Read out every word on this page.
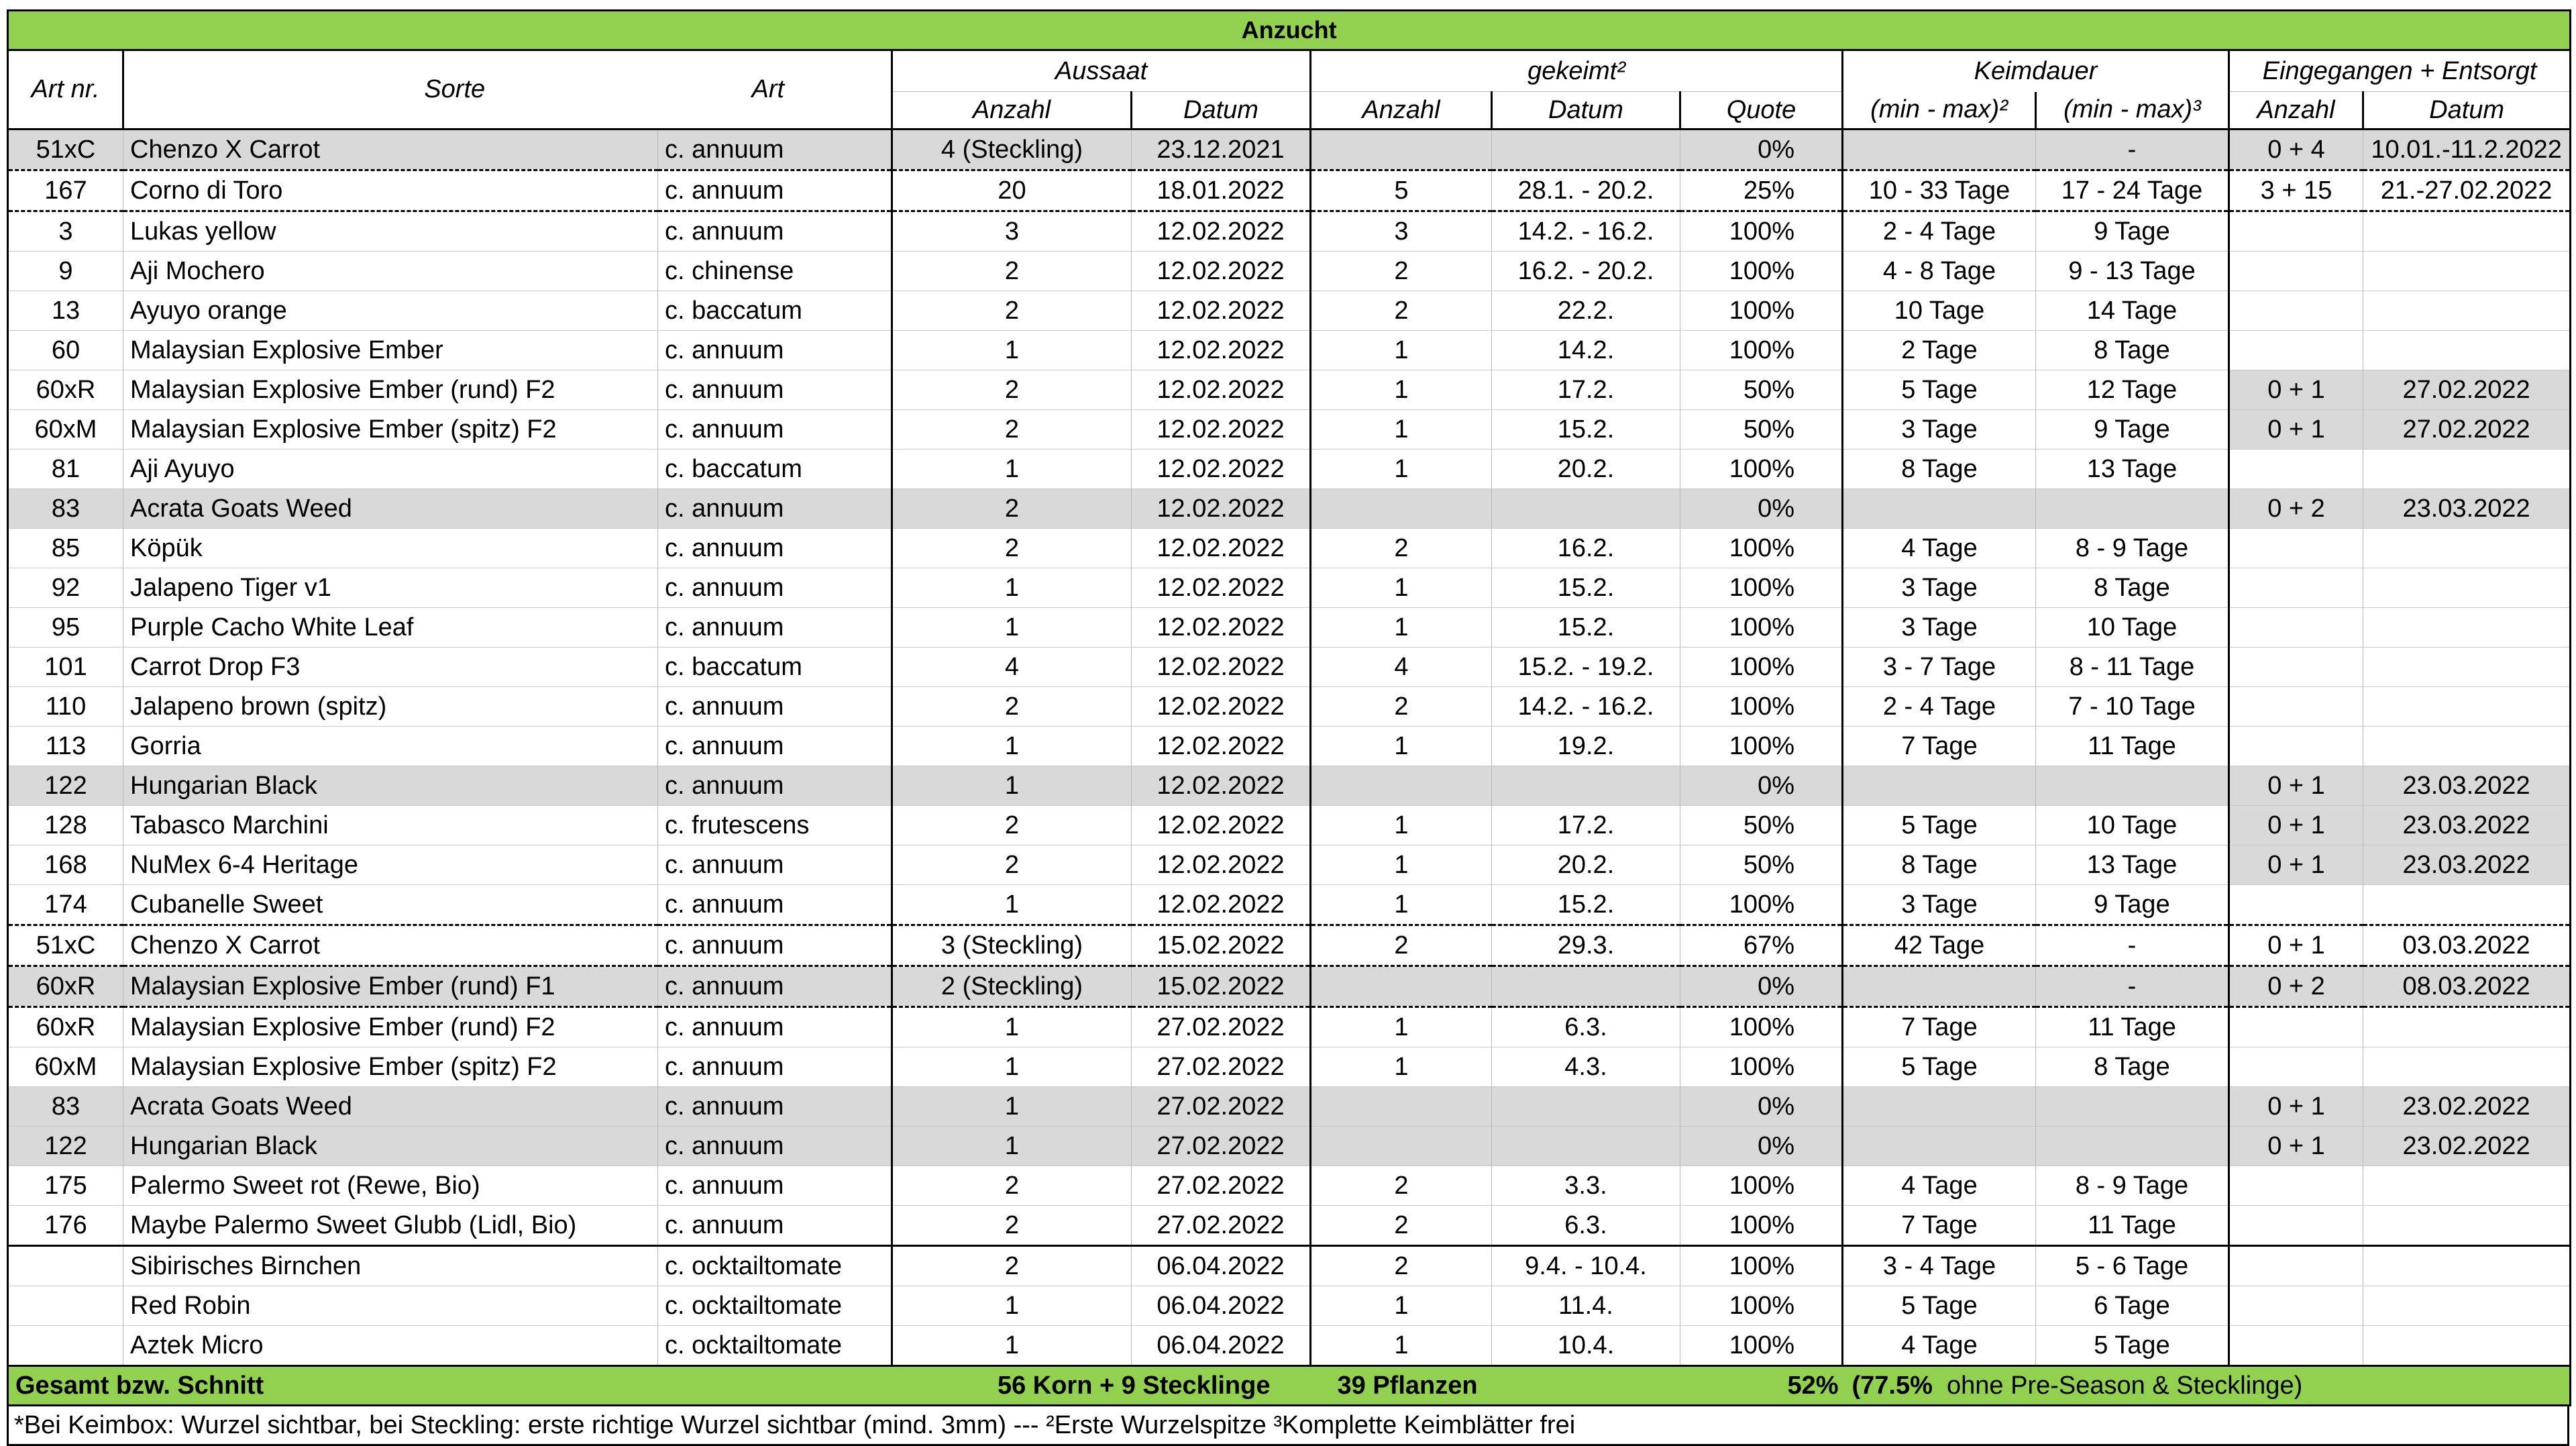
Anzucht											
Art nr.	Sorte	Art	Aussaat		gekeimt²			Keimdauer		Eingegangen + Entsorgt	
			Anzahl	Datum	Anzahl	Datum	Quote	(min - max)²	(min - max)³	Anzahl	Datum
51xC	Chenzo X Carrot	c. annuum	4 (Steckling)	23.12.2021			0%		-	0 + 4	10.01.-11.2.2022
167	Corno di Toro	c. annuum	20	18.01.2022	5	28.1. - 20.2.	25%	10 - 33 Tage	17 - 24 Tage	3 + 15	21.-27.02.2022
3	Lukas yellow	c. annuum	3	12.02.2022	3	14.2. - 16.2.	100%	2 - 4 Tage	9 Tage		
9	Aji Mochero	c. chinense	2	12.02.2022	2	16.2. - 20.2.	100%	4 - 8 Tage	9 - 13 Tage		
13	Ayuyo orange	c. baccatum	2	12.02.2022	2	22.2.	100%	10 Tage	14 Tage		
60	Malaysian Explosive Ember	c. annuum	1	12.02.2022	1	14.2.	100%	2 Tage	8 Tage		
60xR	Malaysian Explosive Ember (rund) F2	c. annuum	2	12.02.2022	1	17.2.	50%	5 Tage	12 Tage	0 + 1	27.02.2022
60xM	Malaysian Explosive Ember (spitz) F2	c. annuum	2	12.02.2022	1	15.2.	50%	3 Tage	9 Tage	0 + 1	27.02.2022
81	Aji Ayuyo	c. baccatum	1	12.02.2022	1	20.2.	100%	8 Tage	13 Tage		
83	Acrata Goats Weed	c. annuum	2	12.02.2022			0%			0 + 2	23.03.2022
85	Köpük	c. annuum	2	12.02.2022	2	16.2.	100%	4 Tage	8 - 9 Tage		
92	Jalapeno Tiger v1	c. annuum	1	12.02.2022	1	15.2.	100%	3 Tage	8 Tage		
95	Purple Cacho White Leaf	c. annuum	1	12.02.2022	1	15.2.	100%	3 Tage	10 Tage		
101	Carrot Drop F3	c. baccatum	4	12.02.2022	4	15.2. - 19.2.	100%	3 - 7 Tage	8 - 11 Tage		
110	Jalapeno brown (spitz)	c. annuum	2	12.02.2022	2	14.2. - 16.2.	100%	2 - 4 Tage	7 - 10 Tage		
113	Gorria	c. annuum	1	12.02.2022	1	19.2.	100%	7 Tage	11 Tage		
122	Hungarian Black	c. annuum	1	12.02.2022			0%			0 + 1	23.03.2022
128	Tabasco Marchini	c. frutescens	2	12.02.2022	1	17.2.	50%	5 Tage	10 Tage	0 + 1	23.03.2022
168	NuMex 6-4 Heritage	c. annuum	2	12.02.2022	1	20.2.	50%	8 Tage	13 Tage	0 + 1	23.03.2022
174	Cubanelle Sweet	c. annuum	1	12.02.2022	1	15.2.	100%	3 Tage	9 Tage		
51xC	Chenzo X Carrot	c. annuum	3 (Steckling)	15.02.2022	2	29.3.	67%	42 Tage	-	0 + 1	03.03.2022
60xR	Malaysian Explosive Ember (rund) F1	c. annuum	2 (Steckling)	15.02.2022			0%		-	0 + 2	08.03.2022
60xR	Malaysian Explosive Ember (rund) F2	c. annuum	1	27.02.2022	1	6.3.	100%	7 Tage	11 Tage		
60xM	Malaysian Explosive Ember (spitz) F2	c. annuum	1	27.02.2022	1	4.3.	100%	5 Tage	8 Tage		
83	Acrata Goats Weed	c. annuum	1	27.02.2022			0%			0 + 1	23.02.2022
122	Hungarian Black	c. annuum	1	27.02.2022			0%			0 + 1	23.02.2022
175	Palermo Sweet rot (Rewe, Bio)	c. annuum	2	27.02.2022	2	3.3.	100%	4 Tage	8 - 9 Tage		
176	Maybe Palermo Sweet Glubb (Lidl, Bio)	c. annuum	2	27.02.2022	2	6.3.	100%	7 Tage	11 Tage		
	Sibirisches Birnchen	c. ocktailtomate	2	06.04.2022	2	9.4. - 10.4.	100%	3 - 4 Tage	5 - 6 Tage		
	Red Robin	c. ocktailtomate	1	06.04.2022	1	11.4.	100%	5 Tage	6 Tage		
	Aztek Micro	c. ocktailtomate	1	06.04.2022	1	10.4.	100%	4 Tage	5 Tage		
Gesamt bzw. Schnitt		56 Korn + 9 Stecklinge			39 Pflanzen		52%	(77.5% ohne Pre-Season & Stecklinge)			
*Bei Keimbox: Wurzel sichtbar, bei Steckling: erste richtige Wurzel sichtbar (mind. 3mm) --- ²Erste Wurzelspitze ³Komplette Keimblätter frei
